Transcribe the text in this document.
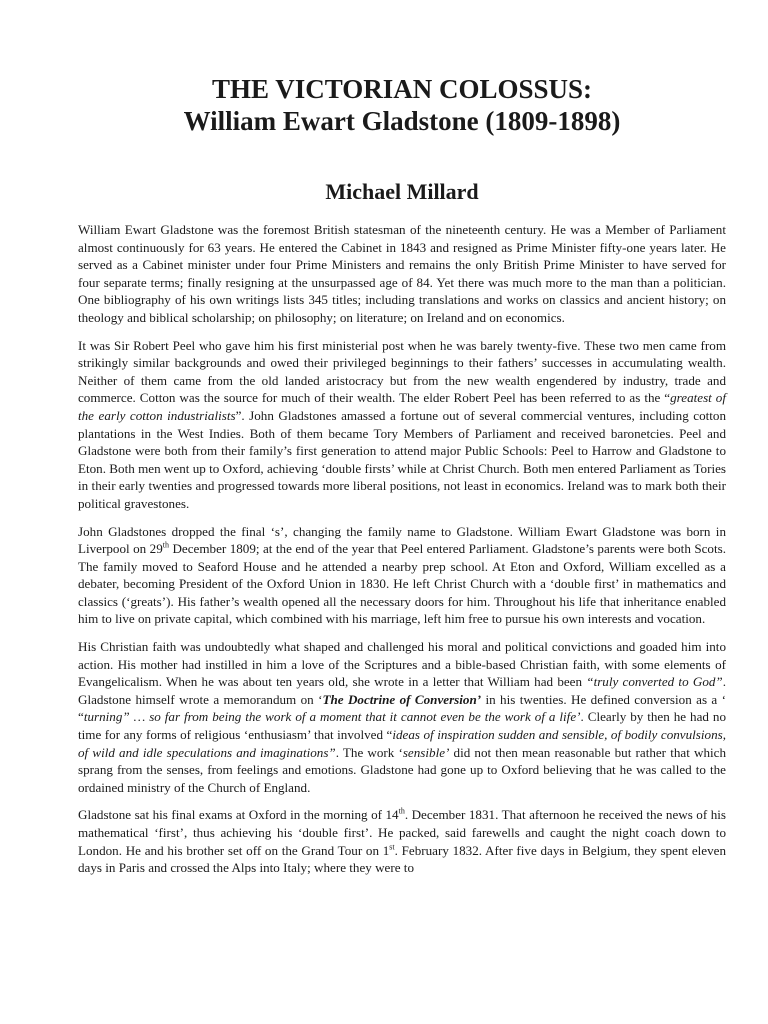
THE VICTORIAN COLOSSUS:
William Ewart Gladstone (1809-1898)
Michael Millard

William Ewart Gladstone was the foremost British statesman of the nineteenth century. He was a Member of Parliament almost continuously for 63 years. He entered the Cabinet in 1843 and resigned as Prime Minister fifty-one years later. He served as a Cabinet minister under four Prime Ministers and remains the only British Prime Minister to have served for four separate terms; finally resigning at the unsurpassed age of 84. Yet there was much more to the man than a politician. One bibliography of his own writings lists 345 titles; including translations and works on classics and ancient history; on theology and biblical scholarship; on philosophy; on literature; on Ireland and on economics.

It was Sir Robert Peel who gave him his first ministerial post when he was barely twenty-five. These two men came from strikingly similar backgrounds and owed their privileged beginnings to their fathers’ successes in accumulating wealth. Neither of them came from the old landed aristocracy but from the new wealth engendered by industry, trade and commerce. Cotton was the source for much of their wealth. The elder Robert Peel has been referred to as the “greatest of the early cotton industrialists”. John Gladstones amassed a fortune out of several commercial ventures, including cotton plantations in the West Indies. Both of them became Tory Members of Parliament and received baronetcies. Peel and Gladstone were both from their family’s first generation to attend major Public Schools: Peel to Harrow and Gladstone to Eton. Both men went up to Oxford, achieving ‘double firsts’ while at Christ Church. Both men entered Parliament as Tories in their early twenties and progressed towards more liberal positions, not least in economics. Ireland was to mark both their political gravestones.

John Gladstones dropped the final ‘s’, changing the family name to Gladstone. William Ewart Gladstone was born in Liverpool on 29th December 1809; at the end of the year that Peel entered Parliament. Gladstone’s parents were both Scots. The family moved to Seaford House and he attended a nearby prep school. At Eton and Oxford, William excelled as a debater, becoming President of the Oxford Union in 1830. He left Christ Church with a ‘double first’ in mathematics and classics (‘greats’). His father’s wealth opened all the necessary doors for him. Throughout his life that inheritance enabled him to live on private capital, which combined with his marriage, left him free to pursue his own interests and vocation.

His Christian faith was undoubtedly what shaped and challenged his moral and political convictions and goaded him into action. His mother had instilled in him a love of the Scriptures and a bible-based Christian faith, with some elements of Evangelicalism. When he was about ten years old, she wrote in a letter that William had been “truly converted to God”. Gladstone himself wrote a memorandum on ‘The Doctrine of Conversion’ in his twenties. He defined conversion as a ‘ “turning” … so far from being the work of a moment that it cannot even be the work of a life’. Clearly by then he had no time for any forms of religious ‘enthusiasm’ that involved “ideas of inspiration sudden and sensible, of bodily convulsions, of wild and idle speculations and imaginations”. The work ‘sensible’ did not then mean reasonable but rather that which sprang from the senses, from feelings and emotions. Gladstone had gone up to Oxford believing that he was called to the ordained ministry of the Church of England.

Gladstone sat his final exams at Oxford in the morning of 14th. December 1831. That afternoon he received the news of his mathematical ‘first’, thus achieving his ‘double first’. He packed, said farewells and caught the night coach down to London. He and his brother set off on the Grand Tour on 1st. February 1832. After five days in Belgium, they spent eleven days in Paris and crossed the Alps into Italy; where they were to
